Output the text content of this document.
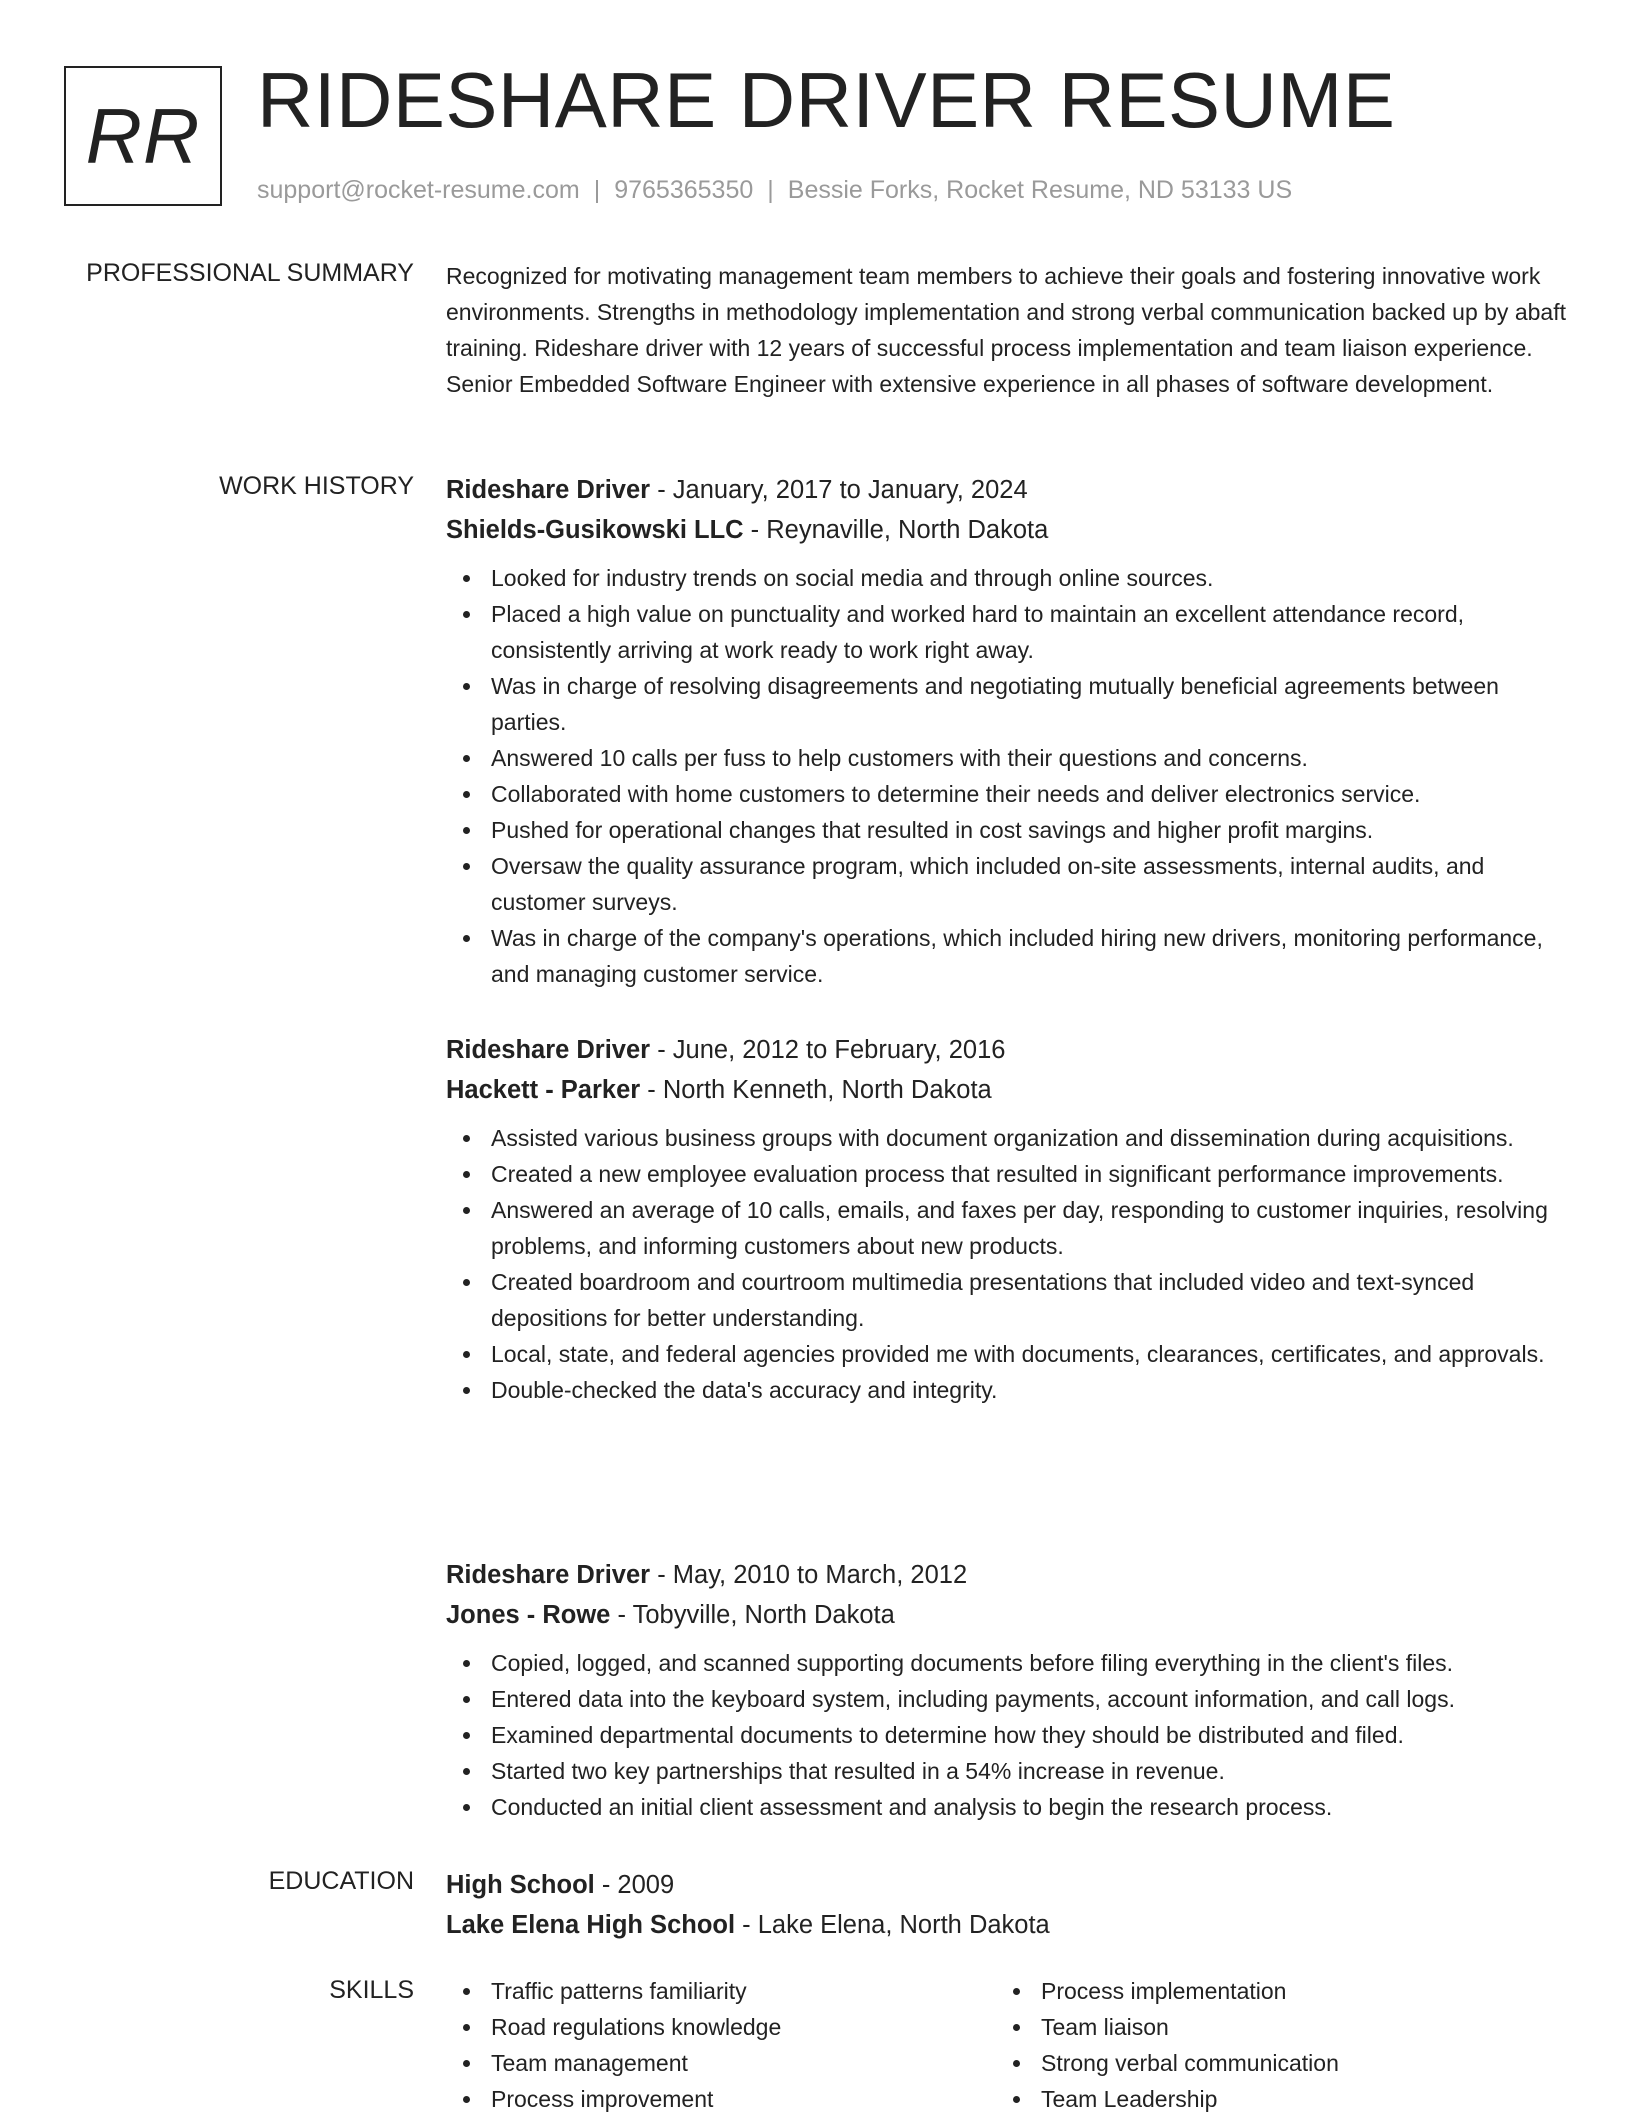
RR RIDESHARE DRIVER RESUME
support@rocket-resume.com | 9765365350 | Bessie Forks, Rocket Resume, ND 53133 US
PROFESSIONAL SUMMARY Recognized for motivating management team members to achieve their goals and fostering innovative work environments. Strengths in methodology implementation and strong verbal communication backed up by abaft training. Rideshare driver with 12 years of successful process implementation and team liaison experience. Senior Embedded Software Engineer with extensive experience in all phases of software development.

WORK HISTORY Rideshare Driver - January, 2017 to January, 2024
Shields-Gusikowski LLC - Reynaville, North Dakota
Looked for industry trends on social media and through online sources.
Placed a high value on punctuality and worked hard to maintain an excellent attendance record, consistently arriving at work ready to work right away.
Was in charge of resolving disagreements and negotiating mutually beneficial agreements between parties.
Answered 10 calls per fuss to help customers with their questions and concerns.
Collaborated with home customers to determine their needs and deliver electronics service.
Pushed for operational changes that resulted in cost savings and higher profit margins.
Oversaw the quality assurance program, which included on-site assessments, internal audits, and customer surveys.
Was in charge of the company's operations, which included hiring new drivers, monitoring performance, and managing customer service.
Rideshare Driver - June, 2012 to February, 2016
Hackett - Parker - North Kenneth, North Dakota
Assisted various business groups with document organization and dissemination during acquisitions.
Created a new employee evaluation process that resulted in significant performance improvements.
Answered an average of 10 calls, emails, and faxes per day, responding to customer inquiries, resolving problems, and informing customers about new products.
Created boardroom and courtroom multimedia presentations that included video and text-synced depositions for better understanding.
Local, state, and federal agencies provided me with documents, clearances, certificates, and approvals.
Double-checked the data's accuracy and integrity.
Rideshare Driver - May, 2010 to March, 2012
Jones - Rowe - Tobyville, North Dakota
Copied, logged, and scanned supporting documents before filing everything in the client's files.
Entered data into the keyboard system, including payments, account information, and call logs.
Examined departmental documents to determine how they should be distributed and filed.
Started two key partnerships that resulted in a 54% increase in revenue.
Conducted an initial client assessment and analysis to begin the research process.
EDUCATION High School - 2009
Lake Elena High School - Lake Elena, North Dakota
SKILLS	Traffic patterns familiarity
Road regulations knowledge
Team management
Process improvement
Process implementation
Team liaison
Strong verbal communication
Team Leadership
